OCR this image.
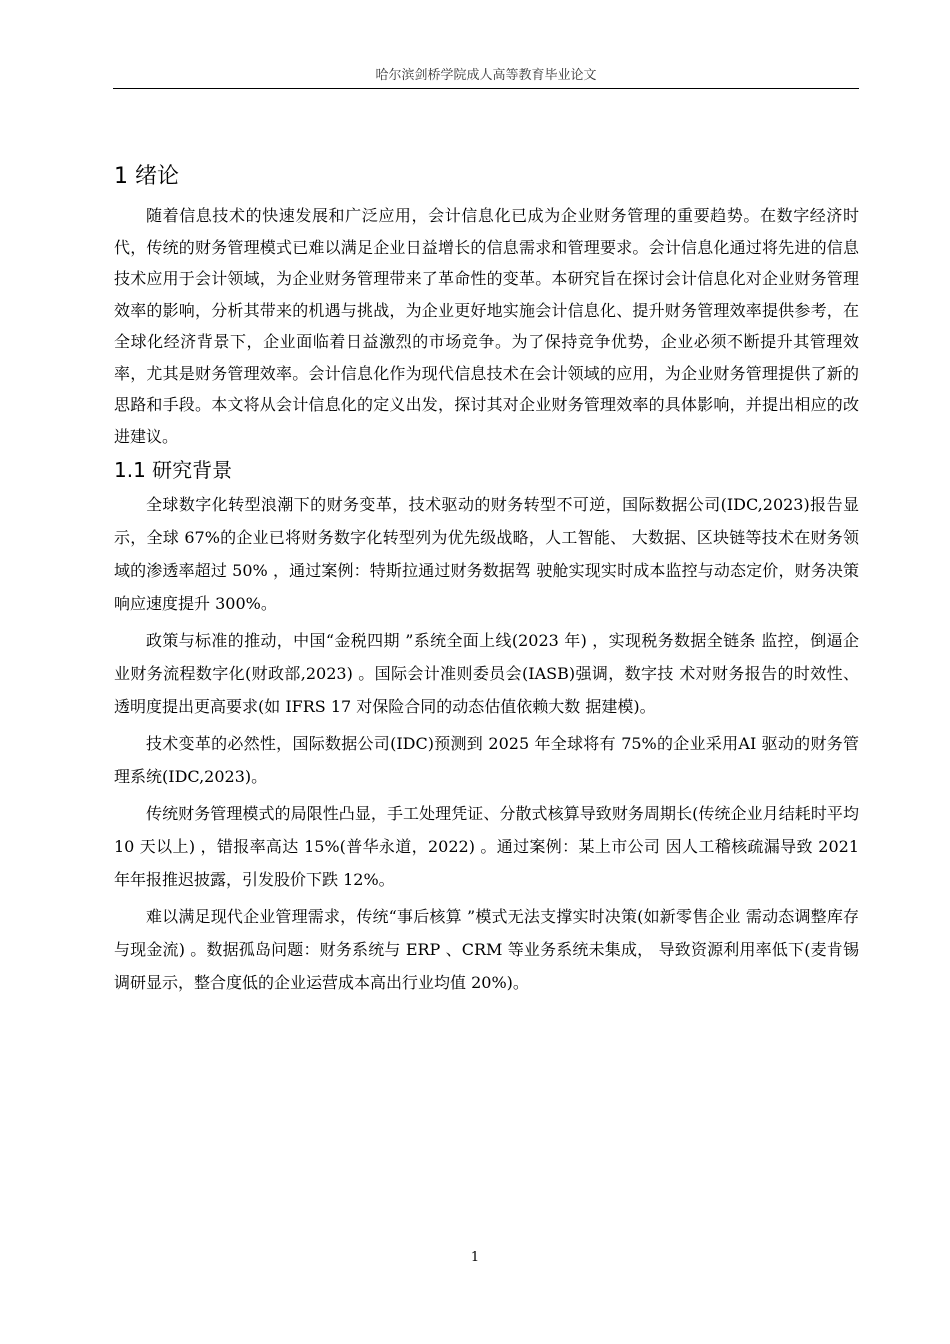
哈尔滨剑桥学院成人高等教育毕业论文
1 绪论

随着信息技术的快速发展和广泛应用，会计信息化已成为企业财务管理的重要趋势。在数字经济时代，传统的财务管理模式已难以满足企业日益增长的信息需求和管理要求。会计信息化通过将先进的信息技术应用于会计领域，为企业财务管理带来了革命性的变革。本研究旨在探讨会计信息化对企业财务管理效率的影响，分析其带来的机遇与挑战，为企业更好地实施会计信息化、提升财务管理效率提供参考，在全球化经济背景下，企业面临着日益激烈的市场竞争。为了保持竞争优势，企业必须不断提升其管理效率，尤其是财务管理效率。会计信息化作为现代信息技术在会计领域的应用，为企业财务管理提供了新的思路和手段。本文将从会计信息化的定义出发，探讨其对企业财务管理效率的具体影响，并提出相应的改进建议。

1.1 研究背景

全球数字化转型浪潮下的财务变革，技术驱动的财务转型不可逆，国际数据公司(IDC,2023)报告显示，全球 67%的企业已将财务数字化转型列为优先级战略，人工智能、 大数据、区块链等技术在财务领域的渗透率超过 50% ，通过案例：特斯拉通过财务数据驾 驶舱实现实时成本监控与动态定价，财务决策响应速度提升 300%。

政策与标准的推动，中国“金税四期 ”系统全面上线(2023 年) ，实现税务数据全链条 监控，倒逼企业财务流程数字化(财政部,2023) 。国际会计准则委员会(IASB)强调，数字技 术对财务报告的时效性、透明度提出更高要求(如 IFRS 17 对保险合同的动态估值依赖大数 据建模)。

技术变革的必然性，国际数据公司(IDC)预测到 2025 年全球将有 75%的企业采用AI 驱动的财务管理系统(IDC,2023)。

传统财务管理模式的局限性凸显，手工处理凭证、分散式核算导致财务周期长(传统企业月结耗时平均 10 天以上) ，错报率高达 15%(普华永道，2022) 。通过案例：某上市公司 因人工稽核疏漏导致 2021 年年报推迟披露，引发股价下跌 12%。

难以满足现代企业管理需求，传统“事后核算 ”模式无法支撑实时决策(如新零售企业 需动态调整库存与现金流) 。数据孤岛问题：财务系统与 ERP 、CRM 等业务系统未集成， 导致资源利用率低下(麦肯锡调研显示，整合度低的企业运营成本高出行业均值 20%)。

1
